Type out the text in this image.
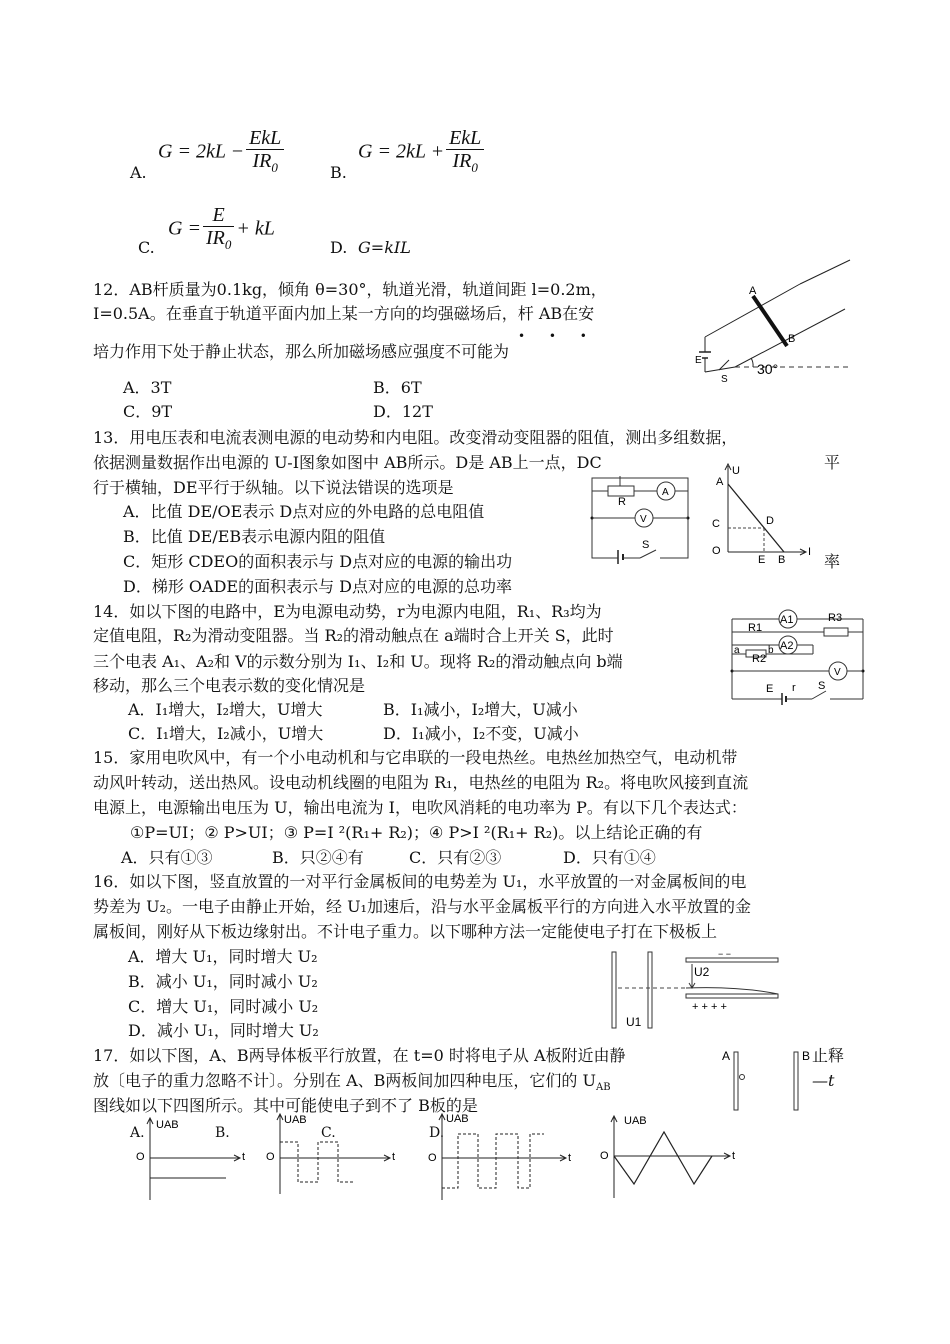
$G = 2kL - \frac{\text{EkL}}{IR_0}$
A.
$G = 2kL + \frac{\text{EkL}}{IR_0}$
B.
$G = \frac{E}{IR_0}$ + kL
C.	D. G=kIL
12．AB杆质量为0.1kg，倾角 θ=30°，轨道光滑，轨道间距 l=0.2m，
I=0.5A。在垂直于轨道平面内加上某一方向的均强磁场后，杆 AB在安
• • •
培力作用下处于静止状态，那么所加磁场感应强度不可能为
A．3T	B．6T
C．9T	D．12T
A
B
E
S
30°
13．用电压表和电流表测电源的电动势和内电阻。改变滑动变阻器的阻值，测出多组数据，
依据测量数据作出电源的 U-I图象如图中 AB所示。D是 AB上一点，DC	平
行于横轴，DE平行于纵轴。以下说法错误的选项是
A．比值 DE/OE表示 D点对应的外电路的总电阻值
B．比值 DE/EB表示电源内阻的阻值
C．矩形 CDEO的面积表示与 D点对应的电源的输出功	率
D．梯形 OADE的面积表示与 D点对应的电源的总功率
R
A
V
S
U
A
C	D
O
E B
I
14．如以下图的电路中，E为电源电动势，r为电源内电阻，R₁、R₃均为
定值电阻，R₂为滑动变阻器。当 R₂的滑动触点在 a端时合上开关 S，此时
三个电表 A₁、A₂和 V的示数分别为 I₁、I₂和 U。现将 R₂的滑动触点向 b端
移动，那么三个电表示数的变化情况是
A．I₁增大，I₂增大，U增大	B．I₁减小，I₂增大，U减小
C．I₁增大，I₂减小，U增大	D．I₁减小，I₂不变，U减小
A1
R1
R3
A2
a	b
R2
V
E r S
15．家用电吹风中，有一个小电动机和与它串联的一段电热丝。电热丝加热空气，电动机带
动风叶转动，送出热风。设电动机线圈的电阻为 R₁，电热丝的电阻为 R₂。将电吹风接到直流
电源上，电源输出电压为 U，输出电流为 I，电吹风消耗的电功率为 P。有以下几个表达式：
①P=UI；② P>UI；③ P=I ²(R₁+ R₂)；④ P>I ²(R₁+ R₂)。以上结论正确的有
A．只有①③	B．只②④有	C．只有②③	D．只有①④
16．如以下图，竖直放置的一对平行金属板间的电势差为 U₁，水平放置的一对金属板间的电
势差为 U₂。一电子由静止开始，经 U₁加速后，沿与水平金属板平行的方向进入水平放置的金
属板间，刚好从下板边缘射出。不计电子重力。以下哪种方法一定能使电子打在下极板上
A．增大 U₁，同时增大 U₂
B．减小 U₁，同时减小 U₂
C．增大 U₁，同时减小 U₂
D．减小 U₁，同时增大 U₂
U2
U1
+ + + +
− −
17．如以下图，A、B两导体板平行放置，在 t=0 时将电子从 A板附近由静	止释
放〔电子的重力忽略不计〕。分别在 A、B两板间加四种电压，它们的 $U_{AB}$	—t
图线如以下四图所示。其中可能使电子到不了 B板的是
A	B
A.	B.	C.	D.
UAB
O	t
UAB
O	t
UAB
O	t
UAB
O	t
